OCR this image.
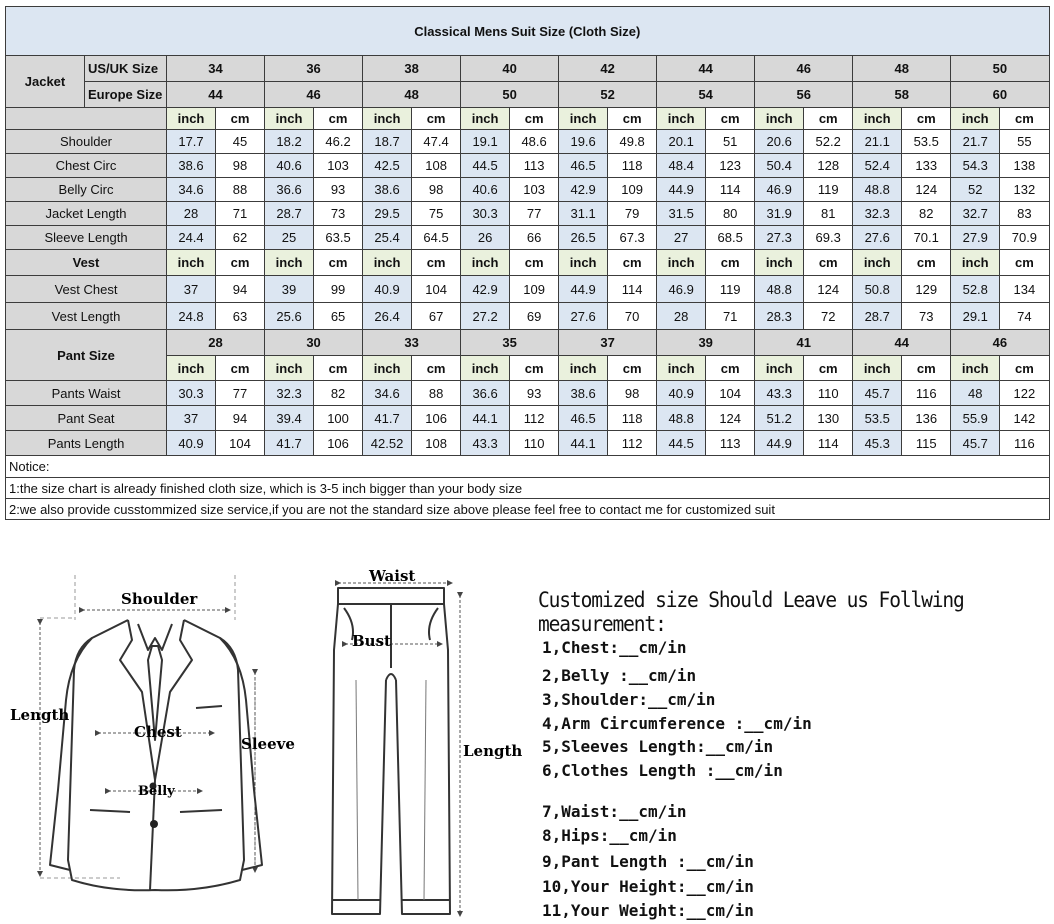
Classical Mens Suit Size (Cloth Size)																			
Jacket	US/UK Size	34		36		38		40		42		44		46		48		50	
	Europe Size	44		46		48		50		52		54		56		58		60	
		inch	cm	inch	cm	inch	cm	inch	cm	inch	cm	inch	cm	inch	cm	inch	cm	inch	cm
Shoulder		17.7	45	18.2	46.2	18.7	47.4	19.1	48.6	19.6	49.8	20.1	51	20.6	52.2	21.1	53.5	21.7	55
Chest Circ		38.6	98	40.6	103	42.5	108	44.5	113	46.5	118	48.4	123	50.4	128	52.4	133	54.3	138
Belly Circ		34.6	88	36.6	93	38.6	98	40.6	103	42.9	109	44.9	114	46.9	119	48.8	124	52	132
Jacket Length		28	71	28.7	73	29.5	75	30.3	77	31.1	79	31.5	80	31.9	81	32.3	82	32.7	83
Sleeve Length		24.4	62	25	63.5	25.4	64.5	26	66	26.5	67.3	27	68.5	27.3	69.3	27.6	70.1	27.9	70.9
Vest		inch	cm	inch	cm	inch	cm	inch	cm	inch	cm	inch	cm	inch	cm	inch	cm	inch	cm
Vest Chest		37	94	39	99	40.9	104	42.9	109	44.9	114	46.9	119	48.8	124	50.8	129	52.8	134
Vest Length		24.8	63	25.6	65	26.4	67	27.2	69	27.6	70	28	71	28.3	72	28.7	73	29.1	74
Pant Size		28		30		33		35		37		39		41		44		46	
		inch	cm	inch	cm	inch	cm	inch	cm	inch	cm	inch	cm	inch	cm	inch	cm	inch	cm
Pants Waist		30.3	77	32.3	82	34.6	88	36.6	93	38.6	98	40.9	104	43.3	110	45.7	116	48	122
Pant Seat		37	94	39.4	100	41.7	106	44.1	112	46.5	118	48.8	124	51.2	130	53.5	136	55.9	142
Pants Length		40.9	104	41.7	106	42.52	108	43.3	110	44.1	112	44.5	113	44.9	114	45.3	115	45.7	116
Notice:																			
1:the size chart is already finished cloth size, which is 3-5 inch bigger than your body size																			
2:we also provide cusstommized size service,if you are not the standard size above please feel free to contact me for customized suit																			
Shoulder
Length
Chest
Sleeve
Belly
Waist
Bust
Length
Customized size Should Leave us Follwing measurement:
1,Chest:__cm/in
2,Belly :__cm/in
3,Shoulder:__cm/in
4,Arm Circumference :__cm/in
5,Sleeves Length:__cm/in
6,Clothes Length :__cm/in
7,Waist:__cm/in
8,Hips:__cm/in
9,Pant Length :__cm/in
10,Your Height:__cm/in
11,Your Weight:__cm/in
